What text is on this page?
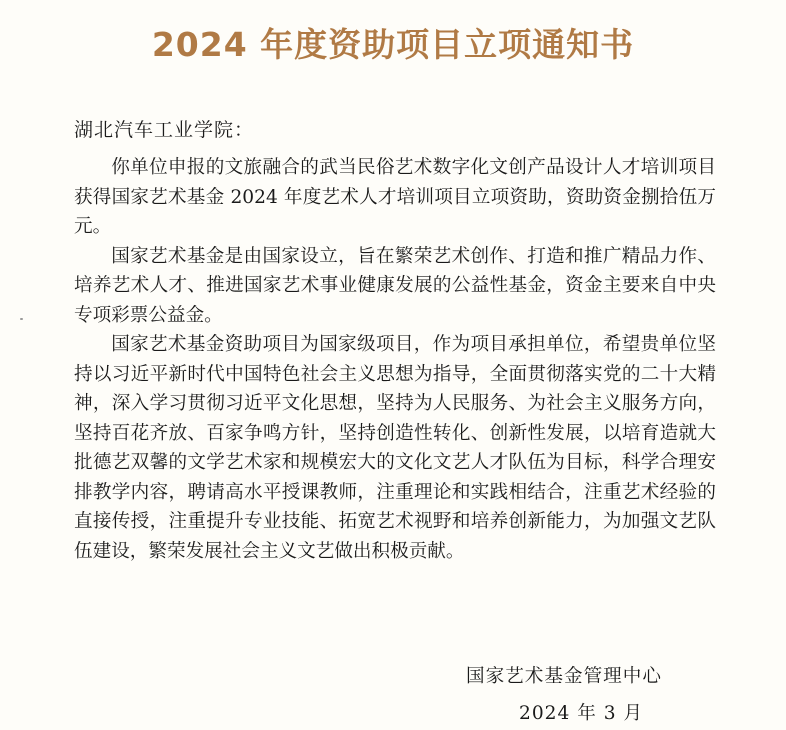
2024 年度资助项目立项通知书
湖北汽车工业学院：

你单位申报的文旅融合的武当民俗艺术数字化文创产品设计人才培训项目获得国家艺术基金 2024 年度艺术人才培训项目立项资助，资助资金捌拾伍万元。

国家艺术基金是由国家设立，旨在繁荣艺术创作、打造和推广精品力作、培养艺术人才、推进国家艺术事业健康发展的公益性基金，资金主要来自中央专项彩票公益金。

国家艺术基金资助项目为国家级项目，作为项目承担单位，希望贵单位坚持以习近平新时代中国特色社会主义思想为指导，全面贯彻落实党的二十大精神，深入学习贯彻习近平文化思想，坚持为人民服务、为社会主义服务方向，坚持百花齐放、百家争鸣方针，坚持创造性转化、创新性发展，以培育造就大批德艺双馨的文学艺术家和规模宏大的文化文艺人才队伍为目标，科学合理安排教学内容，聘请高水平授课教师，注重理论和实践相结合，注重艺术经验的直接传授，注重提升专业技能、拓宽艺术视野和培养创新能力，为加强文艺队伍建设，繁荣发展社会主义文艺做出积极贡献。

国家艺术基金管理中心
2024 年 3 月
